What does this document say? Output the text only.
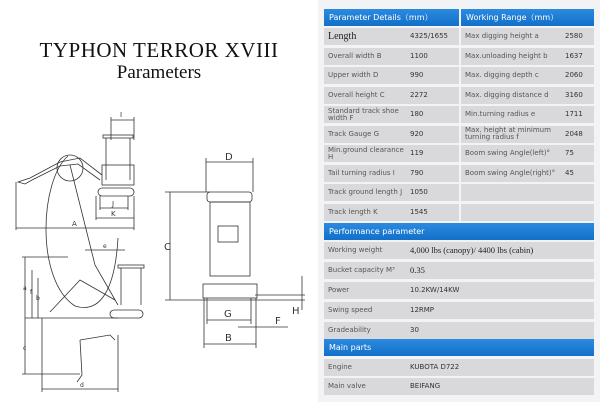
TYPHON TERROR XVIII
Parameters
I
J
K
A
D
C
G
F
B
H
e
a
f
b
c
d
Parameter Details（mm）	Working Range（mm）
Length	4325/1655	Max digging height a	2580
Overall width B	1100	Max.unloading height b	1637
Upper width D	990	Max. digging depth c	2060
Overall height C	2272	Max. digging distance d	3160
Standard track shoe width F	180	Min.turning radius e	1711
Track Gauge G	920	Max. height at minimum turning radius f	2048
Min.ground clearance H	119	Boom swing Angle(left)°	75
Tail turning radius I	790	Boom swing Angle(right)°	45
Track ground length J	1050
Track length K	1545
Performance parameter
Working weight	4,000 lbs (canopy)/ 4400 lbs (cabin)
Bucket capacity M³	0.35
Power	10.2KW/14KW
Swing speed	12RMP
Gradeability	30
Main parts
Engine	KUBOTA D722
Main valve	BEIFANG
